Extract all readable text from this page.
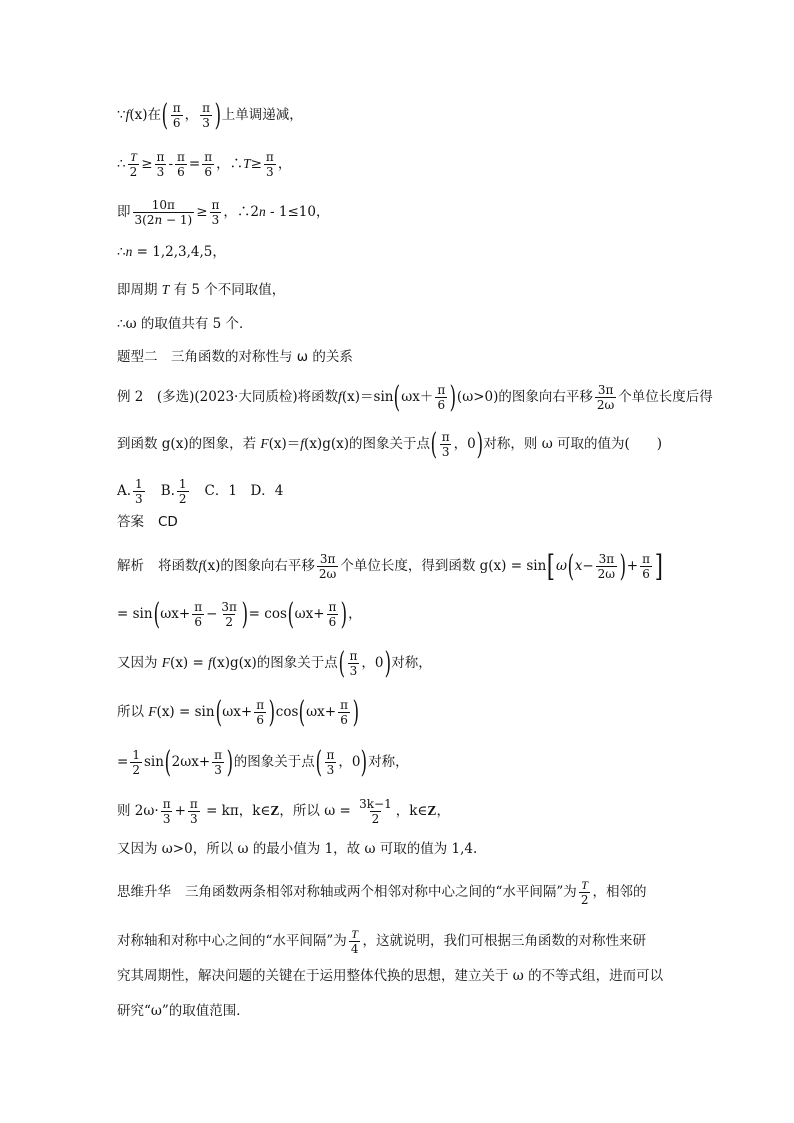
∵f(x)在( $\frac{\pi}{6}$ ， $\frac{\pi}{3}$ )上单调递减，
∴ $\frac{T}{2} \ge \frac{\pi}{3} - \frac{\pi}{6} = \frac{\pi}{6}$ ，∴T≥ $\frac{\pi}{3}$ ，
即 $\frac{10\pi}{3(2n - 1)} \ge \frac{\pi}{3}$ ，∴2n - 1≤10，
∴n = 1,2,3,4,5，
即周期 T 有 5 个不同取值，
∴ω 的取值共有 5 个．
题型二　三角函数的对称性与 ω 的关系
例 2　(多选)(2023·大同质检)将函数$f(x)=\sin(\omega x+ \frac{\pi}{6} )(\omega>0)$的图象向右平移 $\frac{3\pi}{2\omega}$ 个单位长度后得
到函数 g(x)的图象，若 F(x)＝f(x)g(x)的图象关于点( $\frac{\pi}{3}$ ，0)对称，则 ω 可取的值为(　　)
A. $\frac{1}{3} B$. $\frac{1}{2}$ C．1　D．4
答案 CD
解析 将函数f(x)的图象向右平移 $\frac{3\pi}{2\omega}$ 个单位长度，得到函数 $g(x) = \sin[\omega(x- \frac{3\pi}{2\omega}$ )+ $\frac{\pi}{6}$ ]
= $\sin(\omega x+ \frac{\pi}{6} - \frac{3\pi}{2}$ )= $\cos(\omega x+ \frac{\pi}{6}$ )，
又因为 F(x) = f(x)g(x)的图象关于点( $\frac{\pi}{3}$ ，0)对称，
所以 $F(x) = \sin(\omega x+ \frac{\pi}{6} )\cos(\omega x+ \frac{\pi}{6}$ )
= $\frac{1}{2} \sin(2\omega x+ \frac{\pi}{3}$ )的图象关于点( $\frac{\pi}{3}$ ，0)对称，
则 $2\omega\cdot \frac{\pi}{3} + \frac{\pi}{3} = k\pi$，k∈Z，所以 $\omega = \frac{3k-1}{2}$ ，k∈Z，
又因为 ω>0，所以 ω 的最小值为 1，故 ω 可取的值为 1,4.
思维升华 三角函数两条相邻对称轴或两个相邻对称中心之间的“水平间隔”为 $\frac{T}{2}$ ，相邻的
对称轴和对称中心之间的“水平间隔”为 $\frac{T}{4}$ ，这就说明，我们可根据三角函数的对称性来研
究其周期性，解决问题的关键在于运用整体代换的思想，建立关于 ω 的不等式组，进而可以
研究“ω”的取值范围．
